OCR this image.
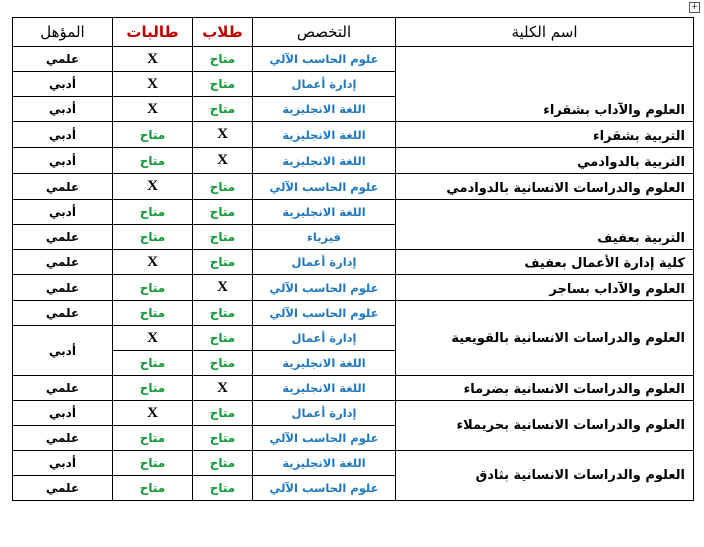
+
اسم الكلية	التخصص	طلاب	طالبات	المؤهل
العلوم والآداب بشقراء	علوم الحاسب الآلي	متاح	X	علمي
	إدارة أعمال	متاح	X	أدبي
	اللغة الانجليزية	متاح	X	أدبي
التربية بشقراء	اللغة الانجليزية	X	متاح	أدبي
التربية بالدوادمي	اللغة الانجليزية	X	متاح	أدبي
العلوم والدراسات الانسانية بالدوادمي	علوم الحاسب الآلي	متاح	X	علمي
التربية بعفيف	اللغة الانجليزية	متاح	متاح	أدبي
	فيزياء	متاح	متاح	علمي
كلية إدارة الأعمال بعفيف	إدارة أعمال	متاح	X	علمي
العلوم والآداب بساجر	علوم الحاسب الآلي	X	متاح	علمي
العلوم والدراسات الانسانية بالقويعية	علوم الحاسب الآلي	متاح	متاح	علمي
	إدارة أعمال	متاح	X	أدبي
	اللغة الانجليزية	متاح	متاح	
العلوم والدراسات الانسانية بضرماء	اللغة الانجليزية	X	متاح	علمي
العلوم والدراسات الانسانية بحريملاء	إدارة أعمال	متاح	X	أدبي
	علوم الحاسب الآلي	متاح	متاح	علمي
العلوم والدراسات الانسانية بثادق	اللغة الانجليزية	متاح	متاح	أدبي
	علوم الحاسب الآلي	متاح	متاح	علمي
